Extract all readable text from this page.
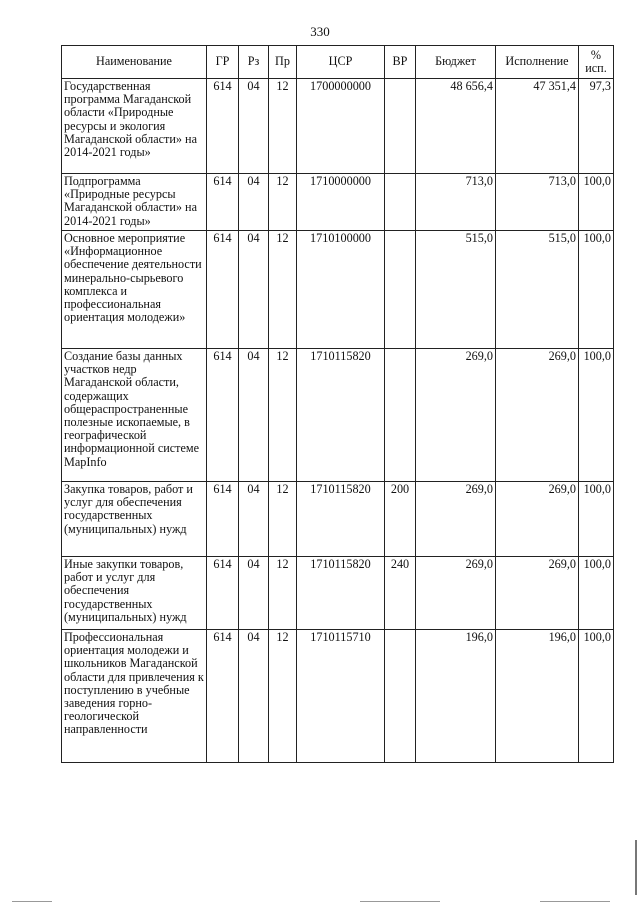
330
Наименование	ГР	Рз	Пр	ЦСР	ВР	Бюджет	Исполнение	%
исп.
Государственная программа Магаданской области «Природные ресурсы и экология Магаданской области» на 2014-2021 годы»	614	04	12	1700000000		48 656,4	47 351,4	97,3
Подпрограмма «Природные ресурсы Магаданской области» на 2014-2021 годы»	614	04	12	1710000000		713,0	713,0	100,0
Основное мероприятие «Информационное обеспечение деятельности минерально-сырьевого комплекса и профессиональная ориентация молодежи»	614	04	12	1710100000		515,0	515,0	100,0
Создание базы данных участков недр Магаданской области, содержащих общераспространенные полезные ископаемые, в географической информационной системе MapInfo	614	04	12	1710115820		269,0	269,0	100,0
Закупка товаров, работ и услуг для обеспечения государственных (муниципальных) нужд	614	04	12	1710115820	200	269,0	269,0	100,0
Иные закупки товаров, работ и услуг для обеспечения государственных (муниципальных) нужд	614	04	12	1710115820	240	269,0	269,0	100,0
Профессиональная ориентация молодежи и школьников Магаданской области для привлечения к поступлению в учебные заведения горно-геологической направленности	614	04	12	1710115710		196,0	196,0	100,0
